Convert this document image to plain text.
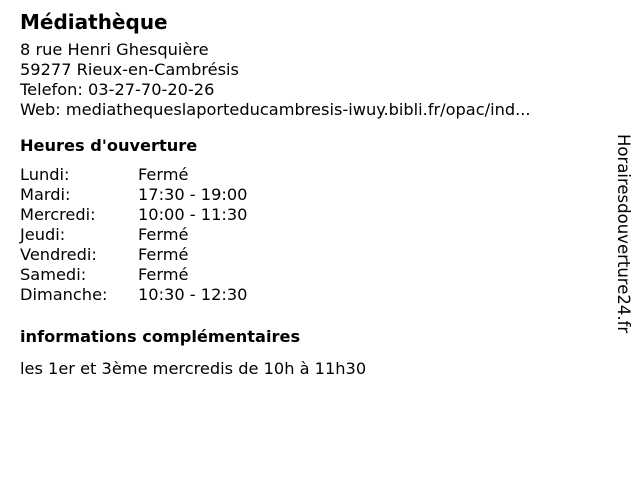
Médiathèque
8 rue Henri Ghesquière
59277 Rieux-en-Cambrésis
Telefon: 03-27-70-20-26
Web: mediathequeslaporteducambresis-iwuy.bibli.fr/opac/ind...
Heures d'ouverture
Lundi:	Fermé
Mardi:	17:30 - 19:00
Mercredi:	10:00 - 11:30
Jeudi:	Fermé
Vendredi:	Fermé
Samedi:	Fermé
Dimanche:	10:30 - 12:30
informations complémentaires
les 1er et 3ème mercredis de 10h à 11h30
Horairesdouverture24.fr
